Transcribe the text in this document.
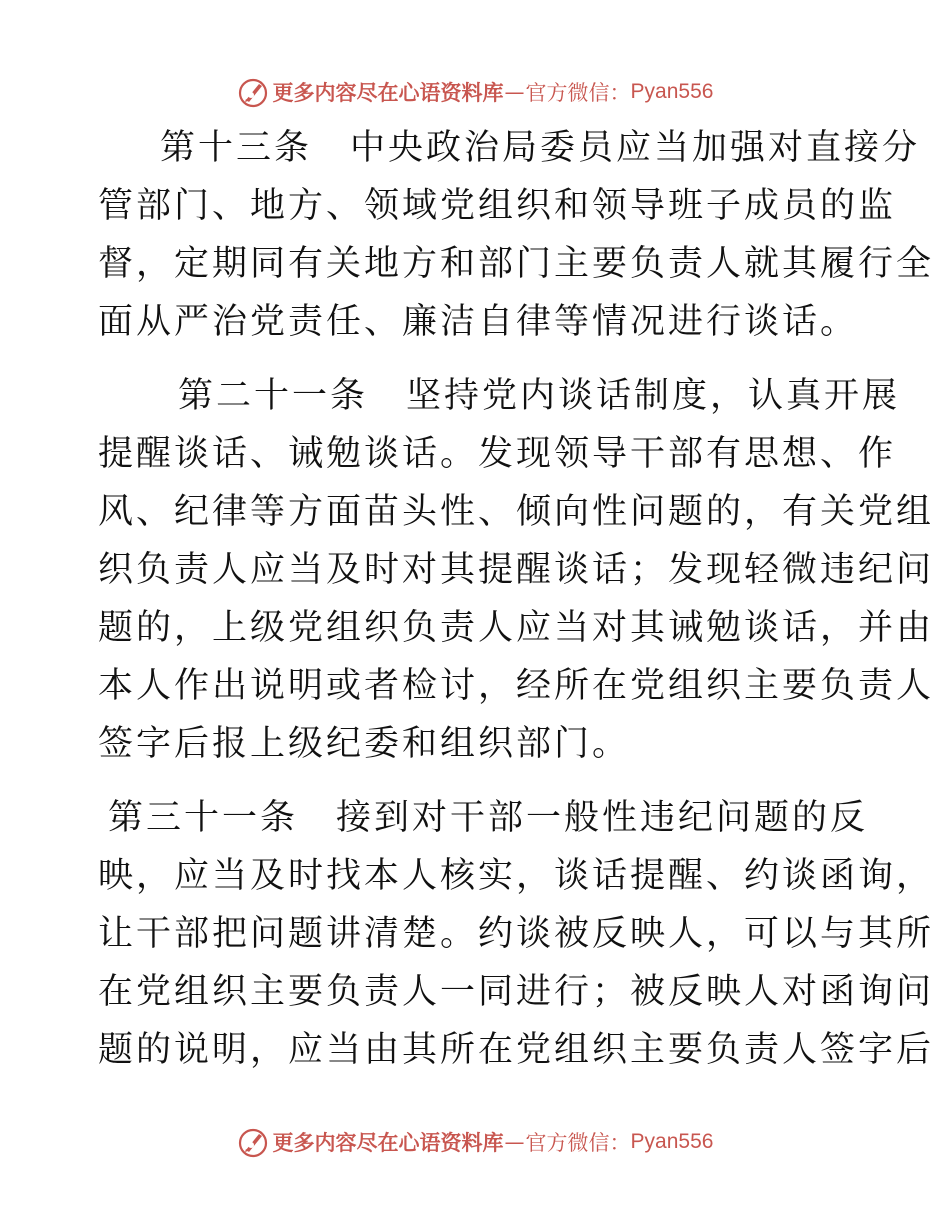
更多内容尽在心语资料库 — 官方微信： Pyan556
第十三条　中央政治局委员应当加强对直接分
管部门、地方、领域党组织和领导班子成员的监
督，定期同有关地方和部门主要负责人就其履行全
面从严治党责任、廉洁自律等情况进行谈话。
第二十一条　坚持党内谈话制度，认真开展
提醒谈话、诫勉谈话。发现领导干部有思想、作
风、纪律等方面苗头性、倾向性问题的，有关党组
织负责人应当及时对其提醒谈话；发现轻微违纪问
题的，上级党组织负责人应当对其诫勉谈话，并由
本人作出说明或者检讨，经所在党组织主要负责人
签字后报上级纪委和组织部门。
第三十一条　接到对干部一般性违纪问题的反
映，应当及时找本人核实，谈话提醒、约谈函询，
让干部把问题讲清楚。约谈被反映人，可以与其所
在党组织主要负责人一同进行；被反映人对函询问
题的说明，应当由其所在党组织主要负责人签字后
更多内容尽在心语资料库 — 官方微信： Pyan556
